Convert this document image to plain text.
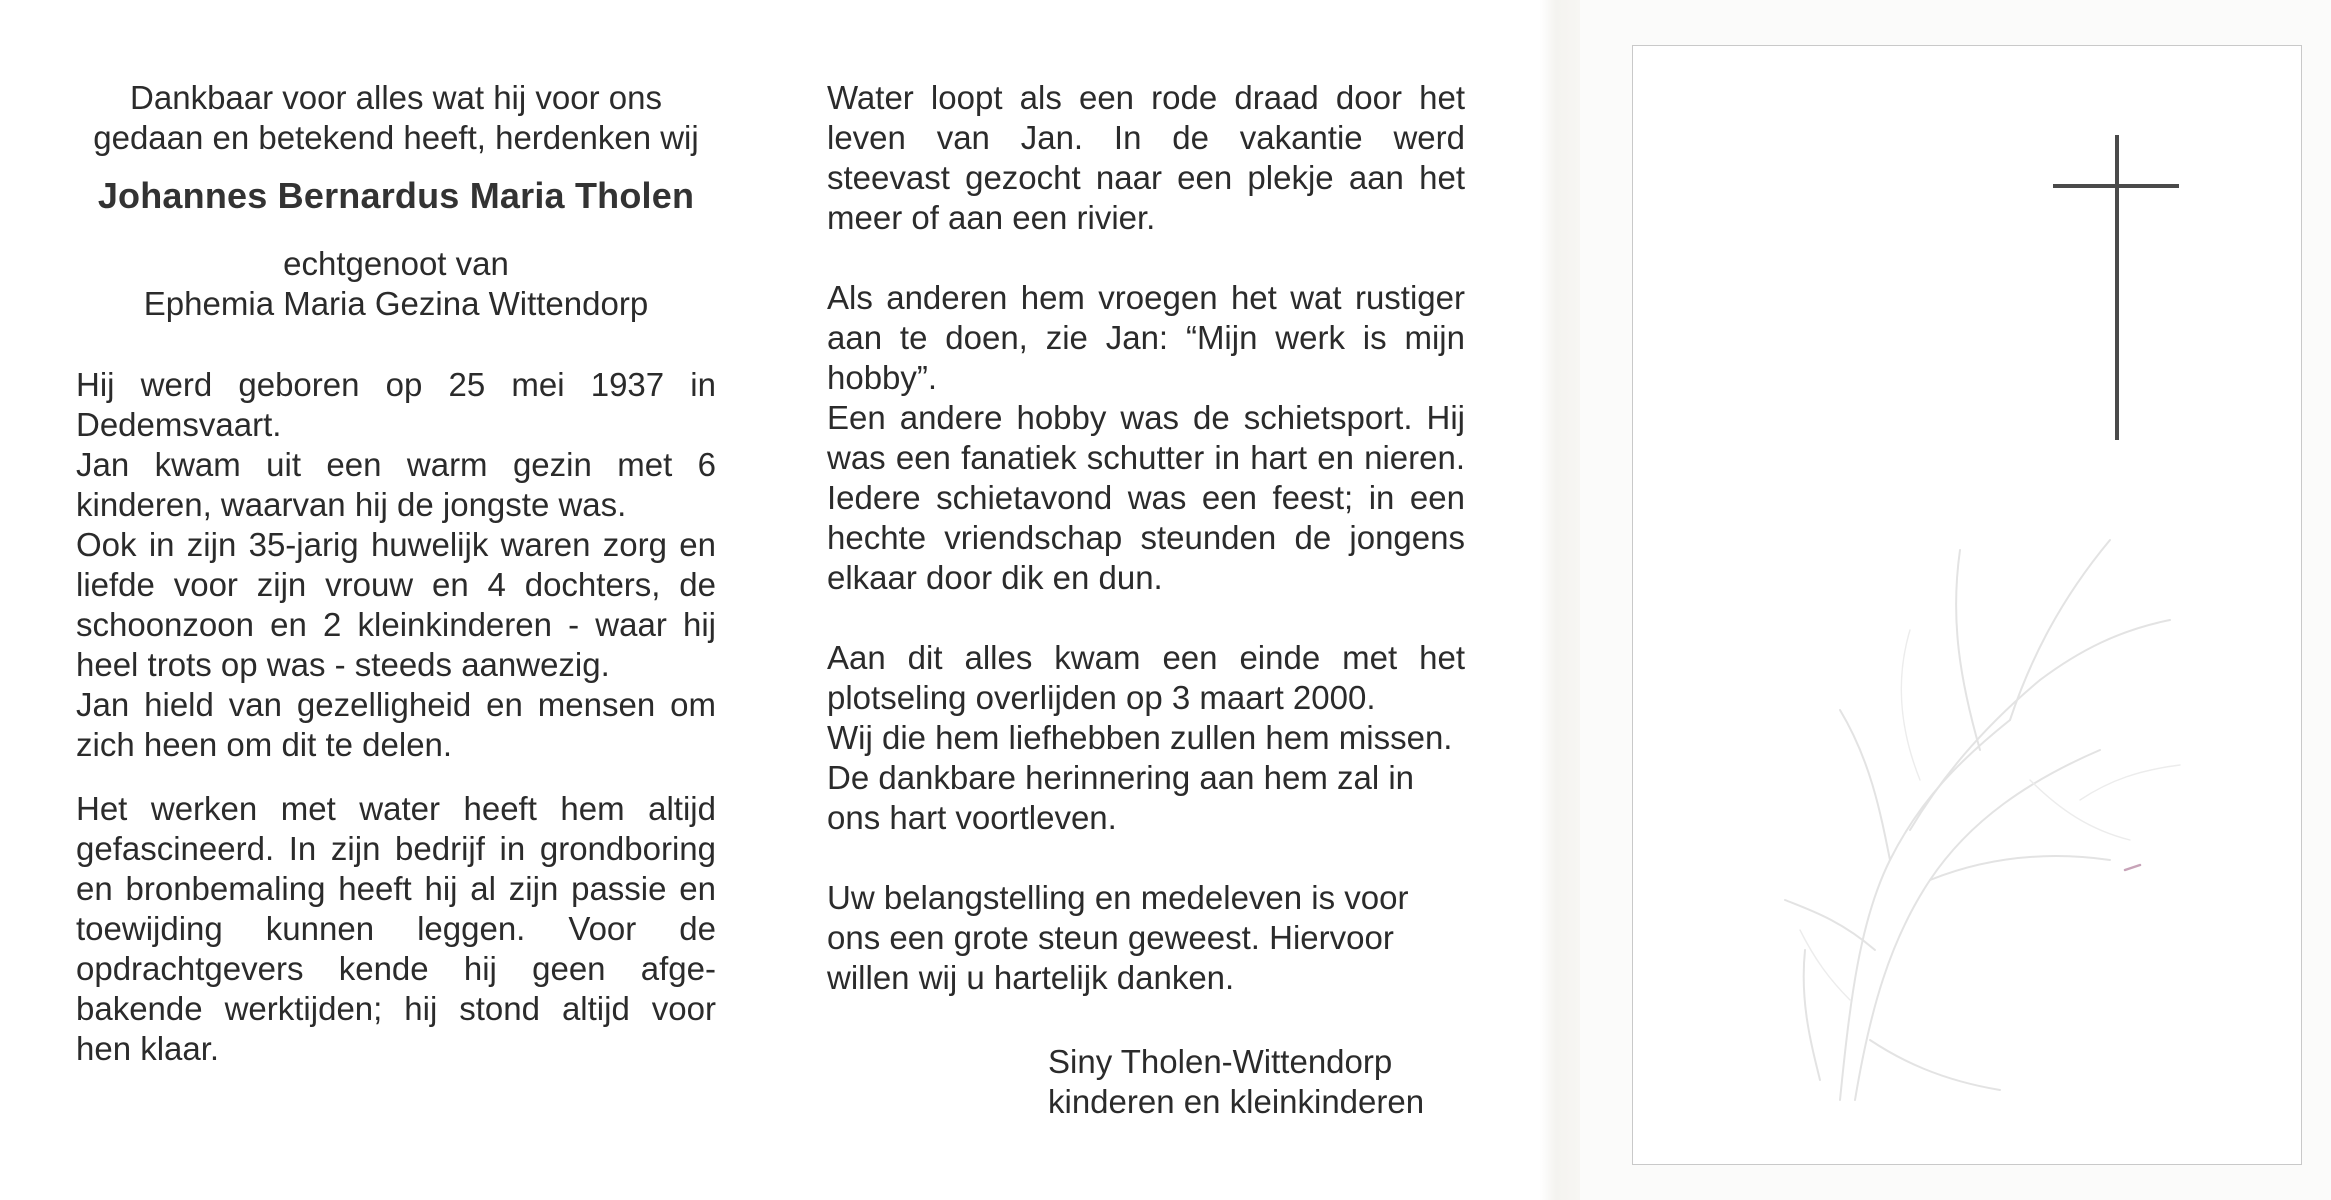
Dankbaar voor alles wat hij voor ons

gedaan en betekend heeft, herdenken wij

Johannes Bernardus Maria Tholen

echtgenoot van

Ephemia Maria Gezina Wittendorp

Hij werd geboren op 25 mei 1937 in Dedemsvaart.

Jan kwam uit een warm gezin met 6 kinderen, waarvan hij de jongste was.

Ook in zijn 35-jarig huwelijk waren zorg en liefde voor zijn vrouw en 4 dochters, de schoonzoon en 2 kleinkinderen - waar hij heel trots op was - steeds aanwezig.

Jan hield van gezelligheid en mensen om zich heen om dit te delen.

Het werken met water heeft hem altijd gefascineerd. In zijn bedrijf in grondboring en bronbemaling heeft hij al zijn passie en toewijding kunnen leggen. Voor de opdrachtgevers kende hij geen afge-bakende werktijden; hij stond altijd voor hen klaar.

Water loopt als een rode draad door het leven van Jan. In de vakantie werd steevast gezocht naar een plekje aan het meer of aan een rivier.

Als anderen hem vroegen het wat rustiger aan te doen, zie Jan: “Mijn werk is mijn hobby”.

Een andere hobby was de schietsport. Hij was een fanatiek schutter in hart en nieren. Iedere schietavond was een feest; in een hechte vriendschap steunden de jongens elkaar door dik en dun.

Aan dit alles kwam een einde met het plotseling overlijden op 3 maart 2000.

Wij die hem liefhebben zullen hem missen.

De dankbare herinnering aan hem zal in ons hart voortleven.

Uw belangstelling en medeleven is voor ons een grote steun geweest. Hiervoor willen wij u hartelijk danken.

Siny Tholen-Wittendorp

kinderen en kleinkinderen
